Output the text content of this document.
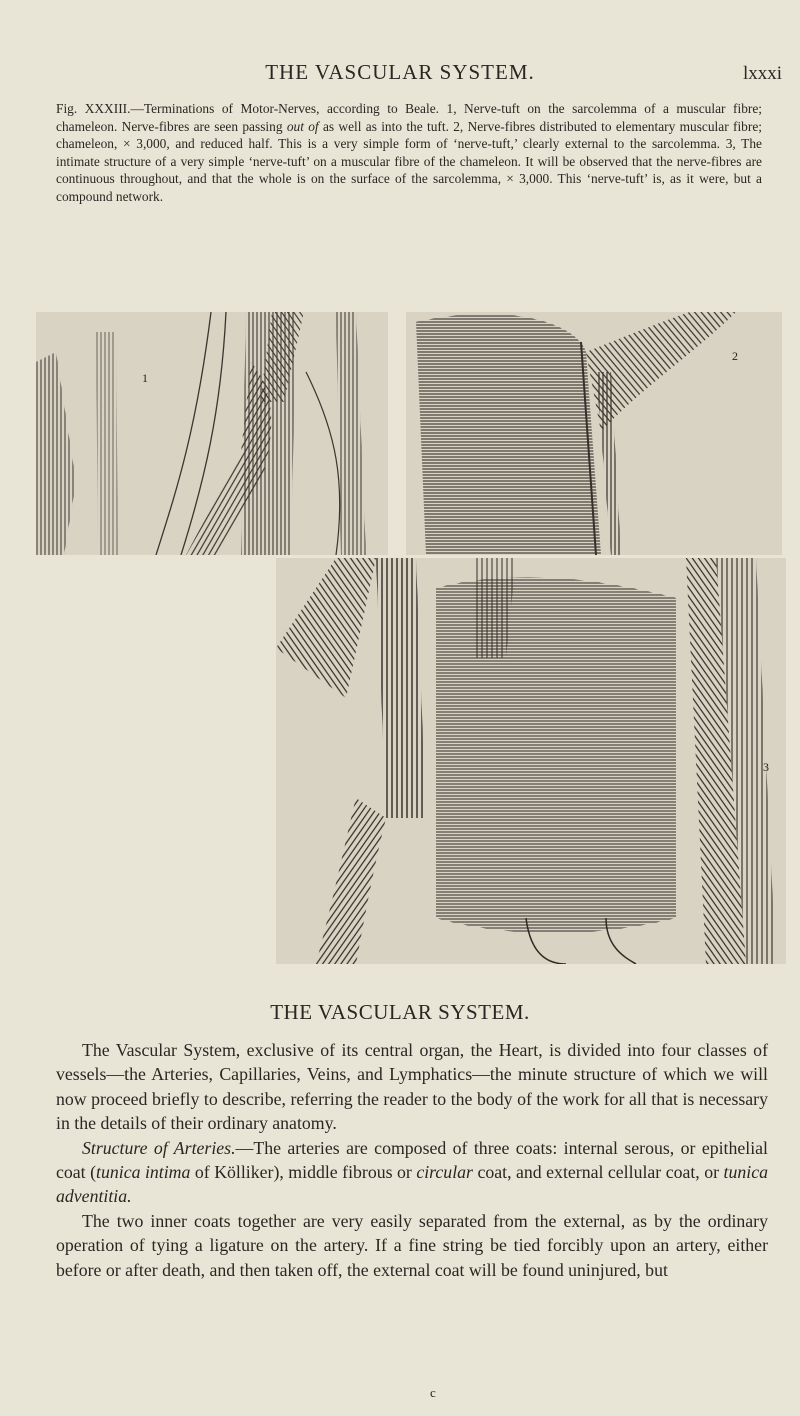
THE VASCULAR SYSTEM.	lxxxi
Fig. XXXIII.—Terminations of Motor-Nerves, according to Beale. 1, Nerve-tuft on the sarcolemma of a muscular fibre; chameleon. Nerve-fibres are seen passing out of as well as into the tuft. 2, Nerve-fibres distributed to elementary muscular fibre; chameleon, × 3,000, and reduced half. This is a very simple form of ‘nerve-tuft,’ clearly external to the sarcolemma. 3, The intimate structure of a very simple ‘nerve-tuft’ on a muscular fibre of the chameleon. It will be observed that the nerve-fibres are continuous throughout, and that the whole is on the surface of the sarcolemma, × 3,000. This ‘nerve-tuft’ is, as it were, but a compound network.
1
2
3
THE VASCULAR SYSTEM.

The Vascular System, exclusive of its central organ, the Heart, is divided into four classes of vessels—the Arteries, Capillaries, Veins, and Lymphatics—the minute structure of which we will now proceed briefly to describe, referring the reader to the body of the work for all that is necessary in the details of their ordinary anatomy.

Structure of Arteries.—The arteries are composed of three coats: internal serous, or epithelial coat (tunica intima of Kölliker), middle fibrous or circular coat, and external cellular coat, or tunica adventitia.

The two inner coats together are very easily separated from the external, as by the ordinary operation of tying a ligature on the artery. If a fine string be tied forcibly upon an artery, either before or after death, and then taken off, the external coat will be found uninjured, but

c
